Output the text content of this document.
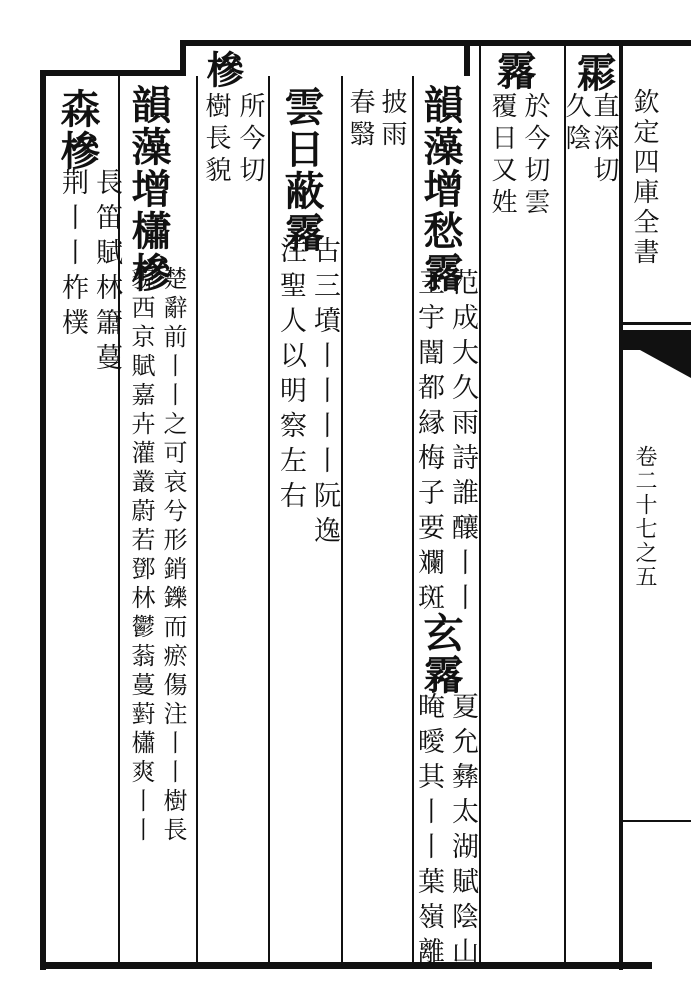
欽定四庫全書
卷二十七之五
霦
直深切
久陰
霿
於今切雲
覆日又姓
韻藻增愁霿
范成大久雨詩誰釀丨丨
玉宇闇都縁梅子要斕斑
玄霿
夏允彝太湖賦陰山
晻曖其丨丨葉嶺離
披雨
春翳
雲日蔽霿
古三墳丨丨丨丨阮逸
注聖人以明察左右
槮
所今切
樹長貌
韻藻增櫹槮
楚辭前丨丨之可哀兮形銷鑠而瘀傷注丨丨樹長
貌西京賦嘉卉灌叢蔚若鄧林鬱蓊蔓薱櫹爽丨丨
森槮
長笛賦林簫蔓
荆丨丨柞樸
